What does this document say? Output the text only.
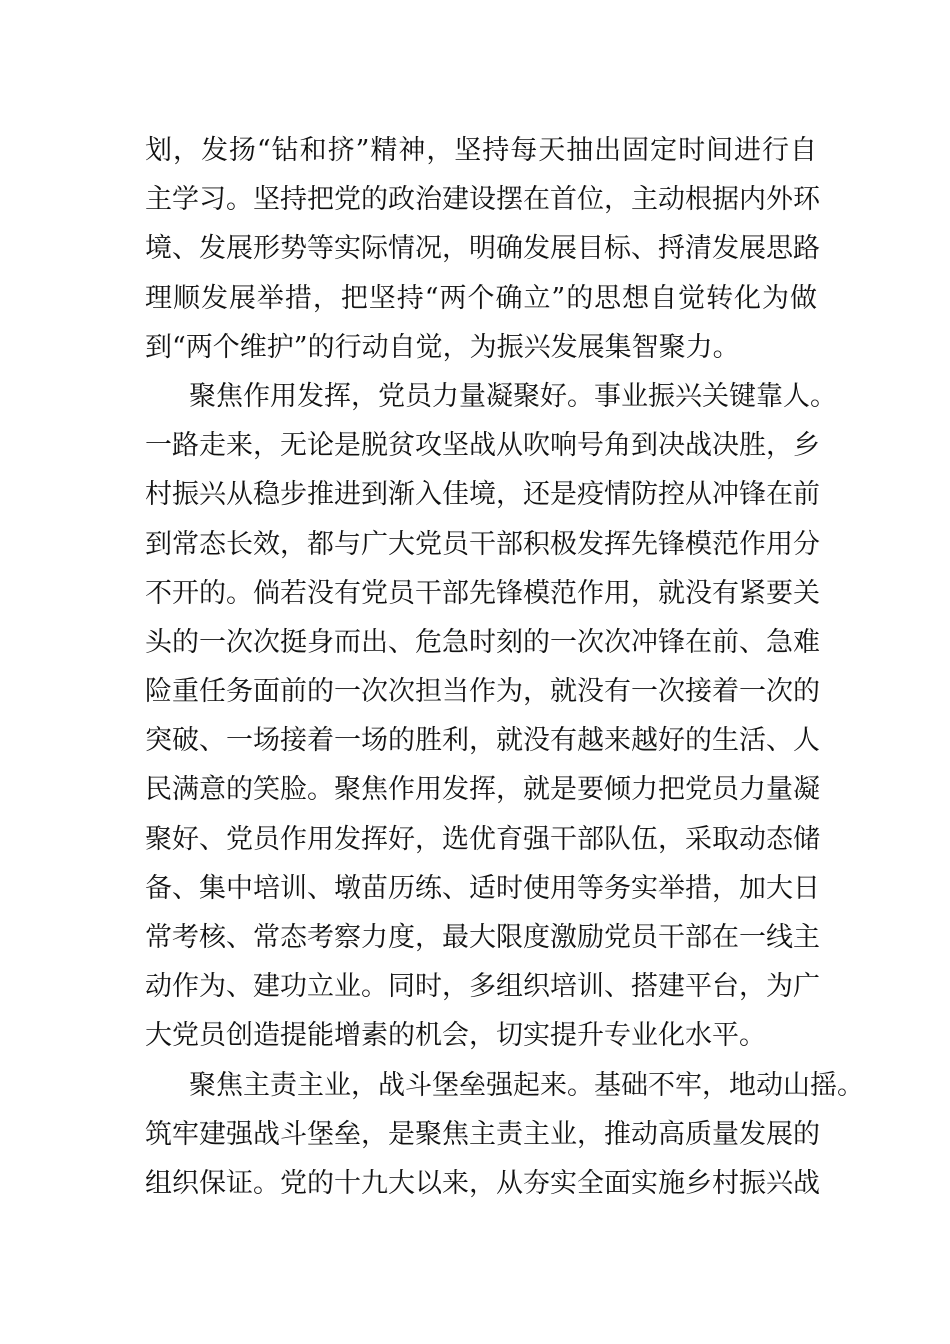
划，发扬“钻和挤”精神，坚持每天抽出固定时间进行自
主学习。坚持把党的政治建设摆在首位，主动根据内外环
境、发展形势等实际情况，明确发展目标、捋清发展思路
理顺发展举措，把坚持“两个确立”的思想自觉转化为做
到“两个维护”的行动自觉，为振兴发展集智聚力。
聚焦作用发挥，党员力量凝聚好。事业振兴关键靠人。
一路走来，无论是脱贫攻坚战从吹响号角到决战决胜，乡
村振兴从稳步推进到渐入佳境，还是疫情防控从冲锋在前
到常态长效，都与广大党员干部积极发挥先锋模范作用分
不开的。倘若没有党员干部先锋模范作用，就没有紧要关
头的一次次挺身而出、危急时刻的一次次冲锋在前、急难
险重任务面前的一次次担当作为，就没有一次接着一次的
突破、一场接着一场的胜利，就没有越来越好的生活、人
民满意的笑脸。聚焦作用发挥，就是要倾力把党员力量凝
聚好、党员作用发挥好，选优育强干部队伍，采取动态储
备、集中培训、墩苗历练、适时使用等务实举措，加大日
常考核、常态考察力度，最大限度激励党员干部在一线主
动作为、建功立业。同时，多组织培训、搭建平台，为广
大党员创造提能增素的机会，切实提升专业化水平。
聚焦主责主业，战斗堡垒强起来。基础不牢，地动山摇。
筑牢建强战斗堡垒，是聚焦主责主业，推动高质量发展的
组织保证。党的十九大以来，从夯实全面实施乡村振兴战
